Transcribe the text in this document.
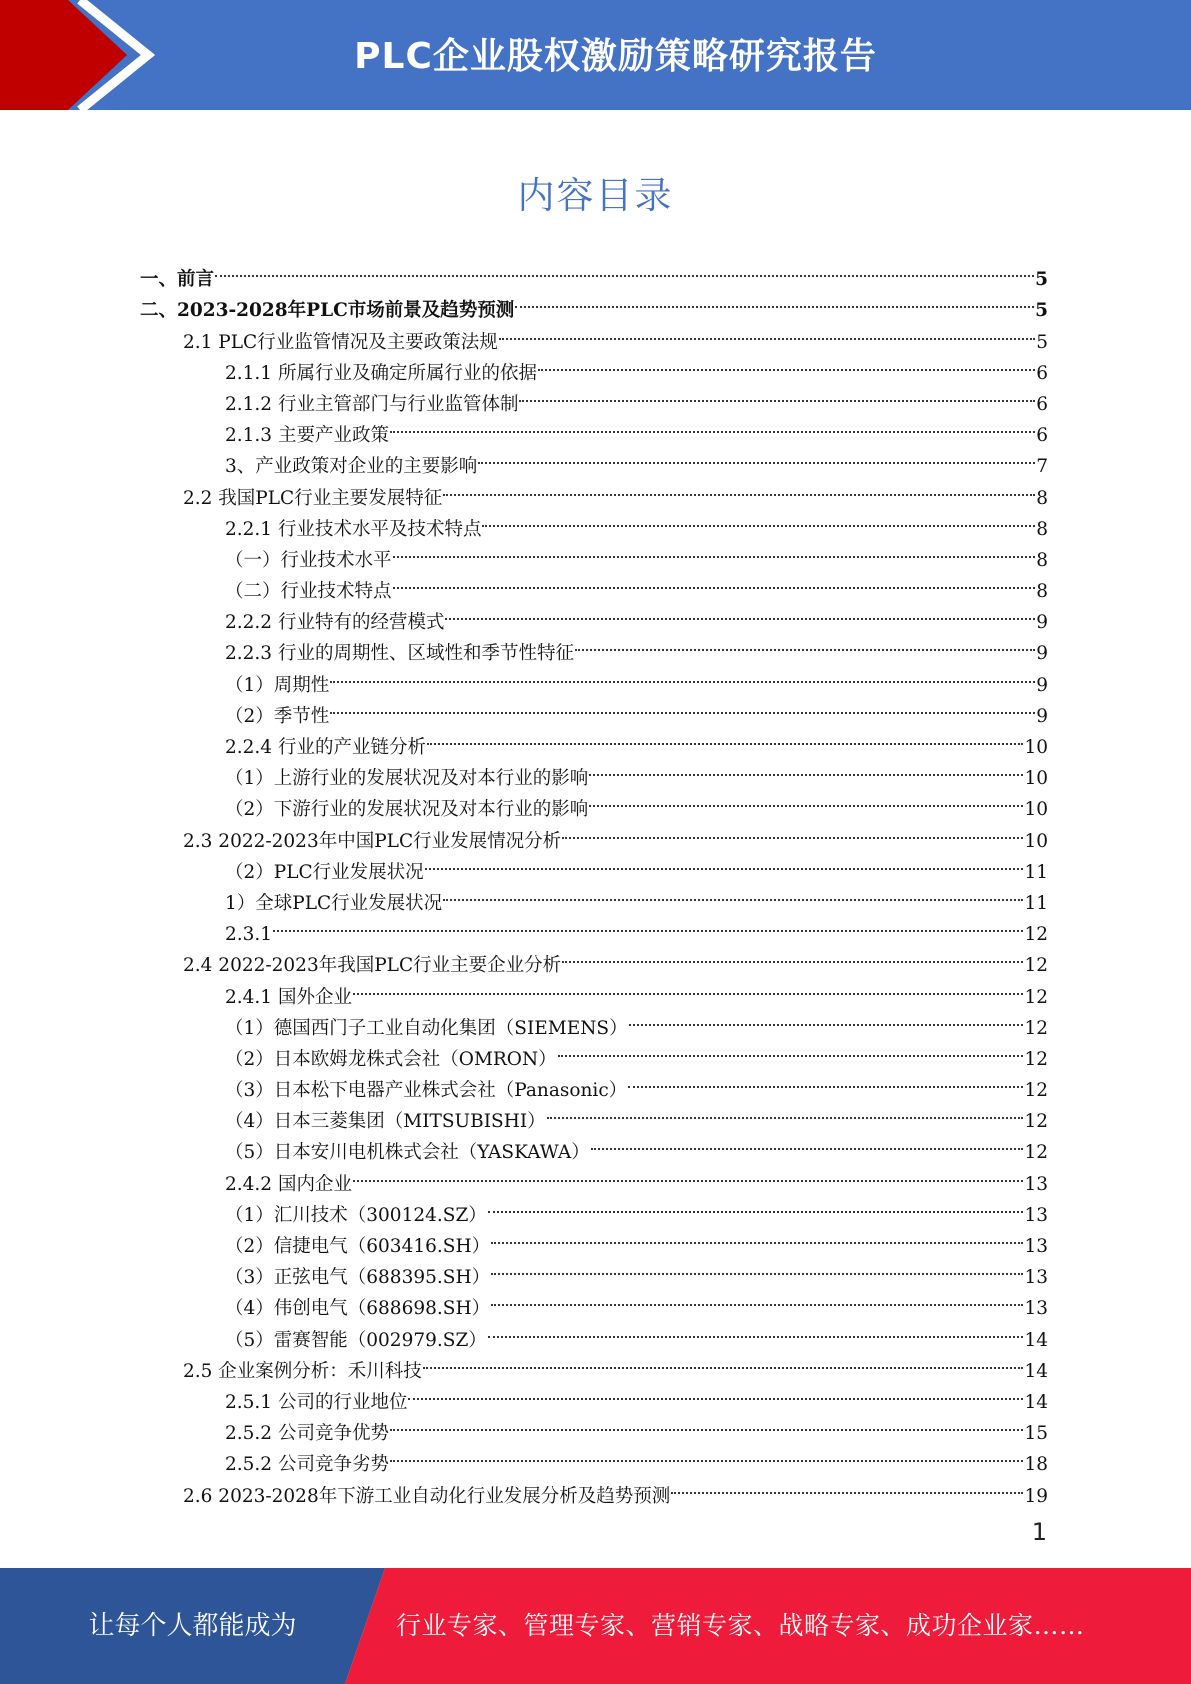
PLC企业股权激励策略研究报告
内容目录
一、前言	5
二、2023-2028年PLC市场前景及趋势预测	5
2.1 PLC行业监管情况及主要政策法规	5
2.1.1 所属行业及确定所属行业的依据	6
2.1.2 行业主管部门与行业监管体制	6
2.1.3 主要产业政策	6
3、产业政策对企业的主要影响	7
2.2 我国PLC行业主要发展特征	8
2.2.1 行业技术水平及技术特点	8
（一）行业技术水平	8
（二）行业技术特点	8
2.2.2 行业特有的经营模式	9
2.2.3 行业的周期性、区域性和季节性特征	9
（1）周期性	9
（2）季节性	9
2.2.4 行业的产业链分析	10
（1）上游行业的发展状况及对本行业的影响	10
（2）下游行业的发展状况及对本行业的影响	10
2.3 2022-2023年中国PLC行业发展情况分析	10
（2）PLC行业发展状况	11
1）全球PLC行业发展状况	11
2.3.1	12
2.4 2022-2023年我国PLC行业主要企业分析	12
2.4.1 国外企业	12
（1）德国西门子工业自动化集团（SIEMENS）	12
（2）日本欧姆龙株式会社（OMRON）	12
（3）日本松下电器产业株式会社（Panasonic）	12
（4）日本三菱集团（MITSUBISHI）	12
（5）日本安川电机株式会社（YASKAWA）	12
2.4.2 国内企业	13
（1）汇川技术（300124.SZ）	13
（2）信捷电气（603416.SH）	13
（3）正弦电气（688395.SH）	13
（4）伟创电气（688698.SH）	13
（5）雷赛智能（002979.SZ）	14
2.5 企业案例分析：禾川科技	14
2.5.1 公司的行业地位	14
2.5.2 公司竞争优势	15
2.5.2 公司竞争劣势	18
2.6 2023-2028年下游工业自动化行业发展分析及趋势预测	19
1
让每个人都能成为	行业专家、管理专家、营销专家、战略专家、成功企业家……
